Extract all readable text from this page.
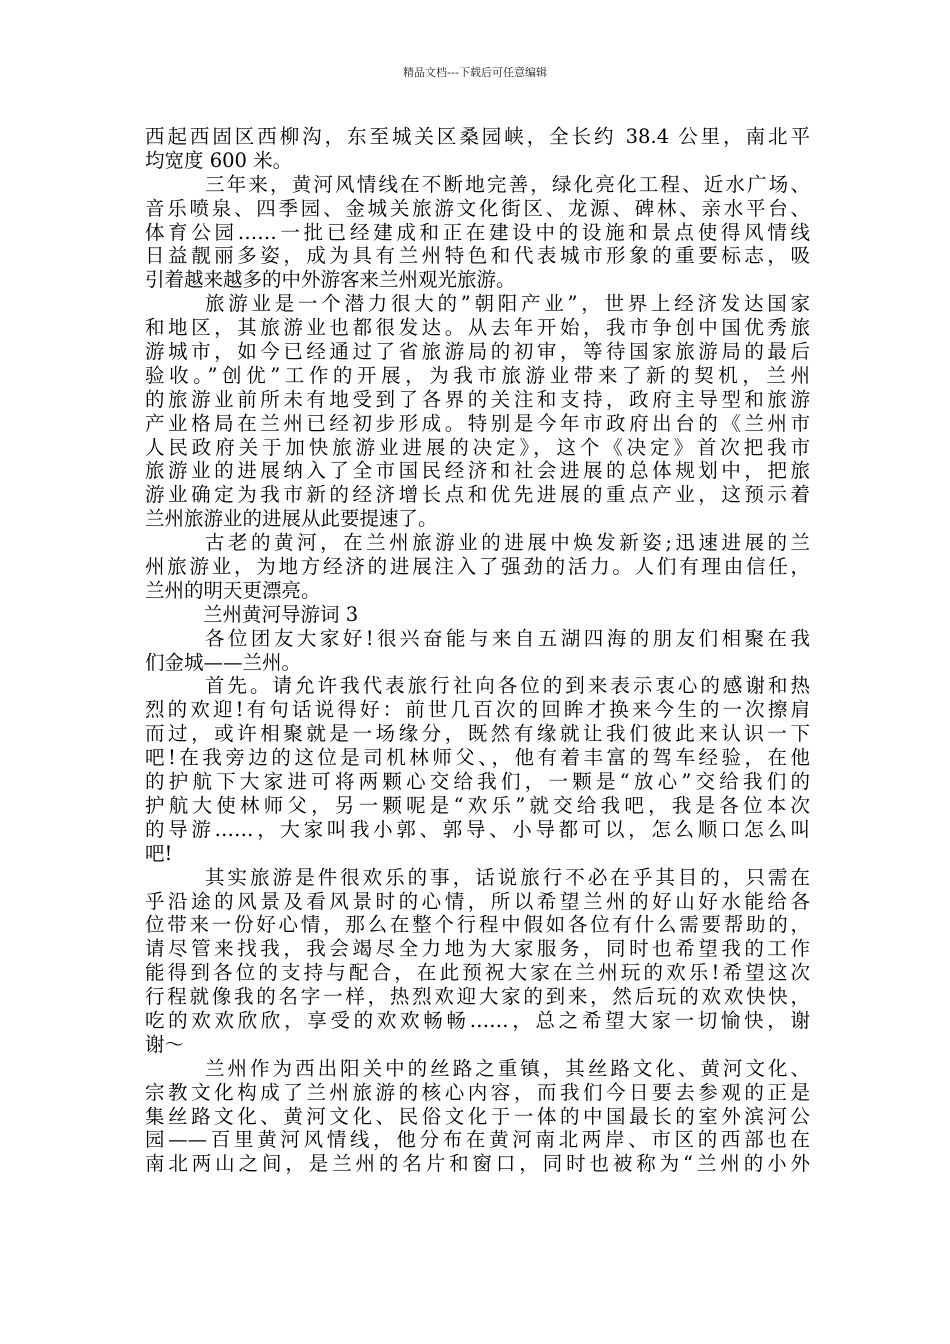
精品文档---下载后可任意编辑
西起西固区西柳沟，东至城关区桑园峡，全长约 38.4 公里，南北平
均宽度 600 米。
三年来，黄河风情线在不断地完善，绿化亮化工程、近水广场、
音乐喷泉、四季园、金城关旅游文化街区、龙源、碑林、亲水平台、
体育公园……一批已经建成和正在建设中的设施和景点使得风情线
日益靓丽多姿，成为具有兰州特色和代表城市形象的重要标志，吸
引着越来越多的中外游客来兰州观光旅游。
旅游业是一个潜力很大的”朝阳产业”，世界上经济发达国家
和地区，其旅游业也都很发达。从去年开始，我市争创中国优秀旅
游城市，如今已经通过了省旅游局的初审，等待国家旅游局的最后
验收。”创优”工作的开展，为我市旅游业带来了新的契机，兰州
的旅游业前所未有地受到了各界的关注和支持，政府主导型和旅游
产业格局在兰州已经初步形成。特别是今年市政府出台的《兰州市
人民政府关于加快旅游业进展的决定》，这个《决定》首次把我市
旅游业的进展纳入了全市国民经济和社会进展的总体规划中，把旅
游业确定为我市新的经济增长点和优先进展的重点产业，这预示着
兰州旅游业的进展从此要提速了。
古老的黄河，在兰州旅游业的进展中焕发新姿;迅速进展的兰
州旅游业，为地方经济的进展注入了强劲的活力。人们有理由信任，
兰州的明天更漂亮。
兰州黄河导游词 3
各位团友大家好!很兴奋能与来自五湖四海的朋友们相聚在我
们金城——兰州。
首先。请允许我代表旅行社向各位的到来表示衷心的感谢和热
烈的欢迎!有句话说得好：前世几百次的回眸才换来今生的一次擦肩
而过，或许相聚就是一场缘分，既然有缘就让我们彼此来认识一下
吧!在我旁边的这位是司机林师父、，他有着丰富的驾车经验，在他
的护航下大家进可将两颗心交给我们，一颗是“放心”交给我们的
护航大使林师父，另一颗呢是“欢乐”就交给我吧，我是各位本次
的导游……，大家叫我小郭、郭导、小导都可以，怎么顺口怎么叫
吧!
其实旅游是件很欢乐的事，话说旅行不必在乎其目的，只需在
乎沿途的风景及看风景时的心情，所以希望兰州的好山好水能给各
位带来一份好心情，那么在整个行程中假如各位有什么需要帮助的，
请尽管来找我，我会竭尽全力地为大家服务，同时也希望我的工作
能得到各位的支持与配合，在此预祝大家在兰州玩的欢乐!希望这次
行程就像我的名字一样，热烈欢迎大家的到来，然后玩的欢欢快快，
吃的欢欢欣欣，享受的欢欢畅畅……，总之希望大家一切愉快，谢
谢～
兰州作为西出阳关中的丝路之重镇，其丝路文化、黄河文化、
宗教文化构成了兰州旅游的核心内容，而我们今日要去参观的正是
集丝路文化、黄河文化、民俗文化于一体的中国最长的室外滨河公
园——百里黄河风情线，他分布在黄河南北两岸、市区的西部也在
南北两山之间，是兰州的名片和窗口，同时也被称为“兰州的小外
